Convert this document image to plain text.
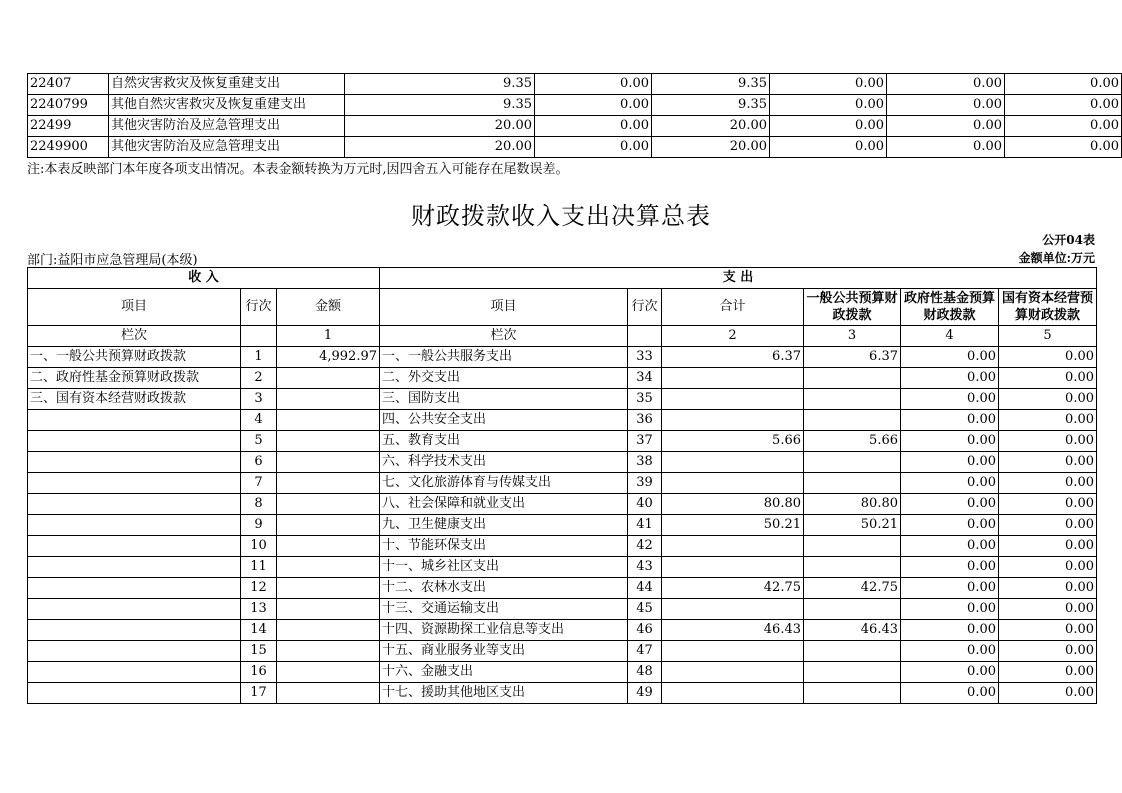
22407	自然灾害救灾及恢复重建支出	9.35	0.00	9.35	0.00	0.00	0.00
2240799	其他自然灾害救灾及恢复重建支出	9.35	0.00	9.35	0.00	0.00	0.00
22499	其他灾害防治及应急管理支出	20.00	0.00	20.00	0.00	0.00	0.00
2249900	其他灾害防治及应急管理支出	20.00	0.00	20.00	0.00	0.00	0.00
注:本表反映部门本年度各项支出情况。本表金额转换为万元时,因四舍五入可能存在尾数误差。
财政拨款收入支出决算总表
公开04表
部门:益阳市应急管理局(本级)	金额单位:万元
收 入			支 出					
项目	行次	金额	项目	行次	合计	一般公共预算财政拨款	政府性基金预算财政拨款	国有资本经营预算财政拨款
栏次		1	栏次		2	3	4	5
一、一般公共预算财政拨款	1	4,992.97	一、一般公共服务支出	33	6.37	6.37	0.00	0.00
二、政府性基金预算财政拨款	2		二、外交支出	34			0.00	0.00
三、国有资本经营财政拨款	3		三、国防支出	35			0.00	0.00
	4		四、公共安全支出	36			0.00	0.00
	5		五、教育支出	37	5.66	5.66	0.00	0.00
	6		六、科学技术支出	38			0.00	0.00
	7		七、文化旅游体育与传媒支出	39			0.00	0.00
	8		八、社会保障和就业支出	40	80.80	80.80	0.00	0.00
	9		九、卫生健康支出	41	50.21	50.21	0.00	0.00
	10		十、节能环保支出	42			0.00	0.00
	11		十一、城乡社区支出	43			0.00	0.00
	12		十二、农林水支出	44	42.75	42.75	0.00	0.00
	13		十三、交通运输支出	45			0.00	0.00
	14		十四、资源勘探工业信息等支出	46	46.43	46.43	0.00	0.00
	15		十五、商业服务业等支出	47			0.00	0.00
	16		十六、金融支出	48			0.00	0.00
	17		十七、援助其他地区支出	49			0.00	0.00
